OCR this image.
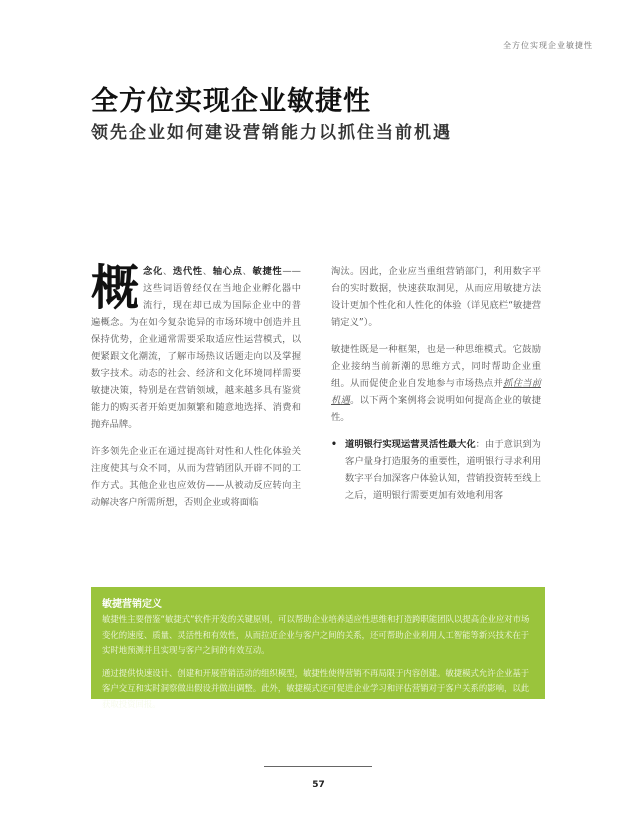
全方位实现企业敏捷性
全方位实现企业敏捷性
领先企业如何建设营销能力以抓住当前机遇

概念化、迭代性、轴心点、敏捷性——这些词语曾经仅在当地企业孵化器中流行，现在却已成为国际企业中的普遍概念。为在如今复杂诡异的市场环境中创造并且保持优势，企业通常需要采取适应性运营模式，以便紧跟文化潮流，了解市场热议话题走向以及掌握数字技术。动态的社会、经济和文化环境同样需要敏捷决策，特别是在营销领域，越来越多具有鉴赏能力的购买者开始更加频繁和随意地选择、消费和抛弃品牌。

许多领先企业正在通过提高针对性和人性化体验关注度使其与众不同，从而为营销团队开辟不同的工作方式。其他企业也应效仿——从被动反应转向主动解决客户所需所想，否则企业或将面临

淘汰。因此，企业应当重组营销部门，利用数字平台的实时数据，快速获取洞见，从而应用敏捷方法设计更加个性化和人性化的体验（详见底栏“敏捷营销定义”）。

敏捷性既是一种框架，也是一种思维模式。它鼓励企业接纳当前新潮的思维方式，同时帮助企业重组。从而促使企业自发地参与市场热点并抓住当前机遇。以下两个案例将会说明如何提高企业的敏捷性。

• 道明银行实现运营灵活性最大化：由于意识到为客户量身打造服务的重要性，道明银行寻求利用数字平台加深客户体验认知，营销投资转至线上之后，道明银行需要更加有效地利用客

敏捷营销定义

敏捷性主要借鉴“敏捷式”软件开发的关键原则，可以帮助企业培养适应性思维和打造跨职能团队以提高企业应对市场变化的速度、质量、灵活性和有效性，从而拉近企业与客户之间的关系，还可帮助企业利用人工智能等新兴技术在于实时地预测并且实现与客户之间的有效互动。

通过提供快速设计、创建和开展营销活动的组织模型，敏捷性使得营销不再局限于内容创建。敏捷模式允许企业基于客户交互和实时洞察做出假设并做出调整。此外，敏捷模式还可促进企业学习和评估营销对于客户关系的影响，以此获取投资回报。

57
